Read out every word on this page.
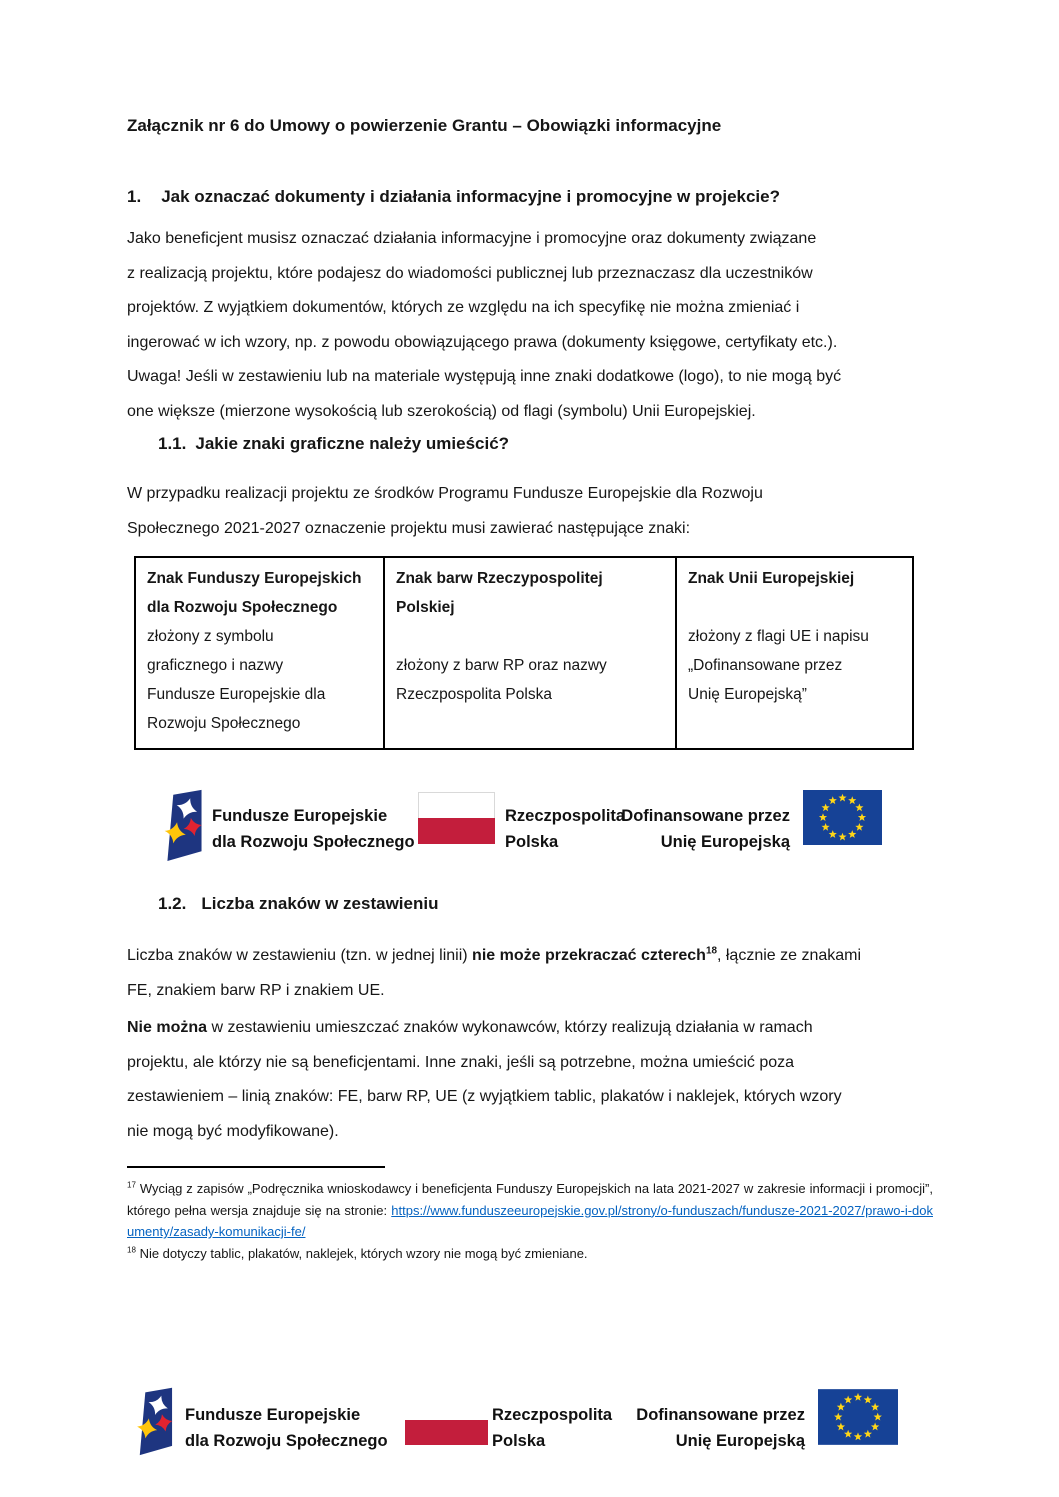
Załącznik nr 6 do Umowy o powierzenie Grantu – Obowiązki informacyjne
1. Jak oznaczać dokumenty i działania informacyjne i promocyjne w projekcie?
Jako beneficjent musisz oznaczać działania informacyjne i promocyjne oraz dokumenty związane
z realizacją projektu, które podajesz do wiadomości publicznej lub przeznaczasz dla uczestników
projektów. Z wyjątkiem dokumentów, których ze względu na ich specyfikę nie można zmieniać i
ingerować w ich wzory, np. z powodu obowiązującego prawa (dokumenty księgowe, certyfikaty etc.).
Uwaga! Jeśli w zestawieniu lub na materiale występują inne znaki dodatkowe (logo), to nie mogą być
one większe (mierzone wysokością lub szerokością) od flagi (symbolu) Unii Europejskiej.
1.1. Jakie znaki graficzne należy umieścić?
W przypadku realizacji projektu ze środków Programu Fundusze Europejskie dla Rozwoju
Społecznego 2021-2027 oznaczenie projektu musi zawierać następujące znaki:
Znak Funduszy Europejskich
dla Rozwoju Społecznego
złożony z symbolu
graficznego i nazwy
Fundusze Europejskie dla
Rozwoju Społecznego

Znak barw Rzeczypospolitej
Polskiej

złożony z barw RP oraz nazwy
Rzeczpospolita Polska

Znak Unii Europejskiej

złożony z flagi UE i napisu
„Dofinansowane przez
Unię Europejską”
Fundusze Europejskie
dla Rozwoju Społecznego
Rzeczpospolita
Polska
Dofinansowane przez
Unię Europejską
1.2. Liczba znaków w zestawieniu
Liczba znaków w zestawieniu (tzn. w jednej linii) nie może przekraczać czterech$^{18}$, łącznie ze znakami
FE, znakiem barw RP i znakiem UE.
Nie można w zestawieniu umieszczać znaków wykonawców, którzy realizują działania w ramach
projektu, ale którzy nie są beneficjentami. Inne znaki, jeśli są potrzebne, można umieścić poza
zestawieniem – linią znaków: FE, barw RP, UE (z wyjątkiem tablic, plakatów i naklejek, których wzory
nie mogą być modyfikowane).
$^{17}$ Wyciąg z zapisów „Podręcznika wnioskodawcy i beneficjenta Funduszy Europejskich na lata 2021-2027 w zakresie informacji i promocji”, którego pełna wersja znajduje się na stronie: https://www.funduszeeuropejskie.gov.pl/strony/o-funduszach/fundusze-2021-2027/prawo-i-dokumenty/zasady-komunikacji-fe/
$^{18}$ Nie dotyczy tablic, plakatów, naklejek, których wzory nie mogą być zmieniane.
Fundusze Europejskie
dla Rozwoju Społecznego
Rzeczpospolita
Polska
Dofinansowane przez
Unię Europejską
